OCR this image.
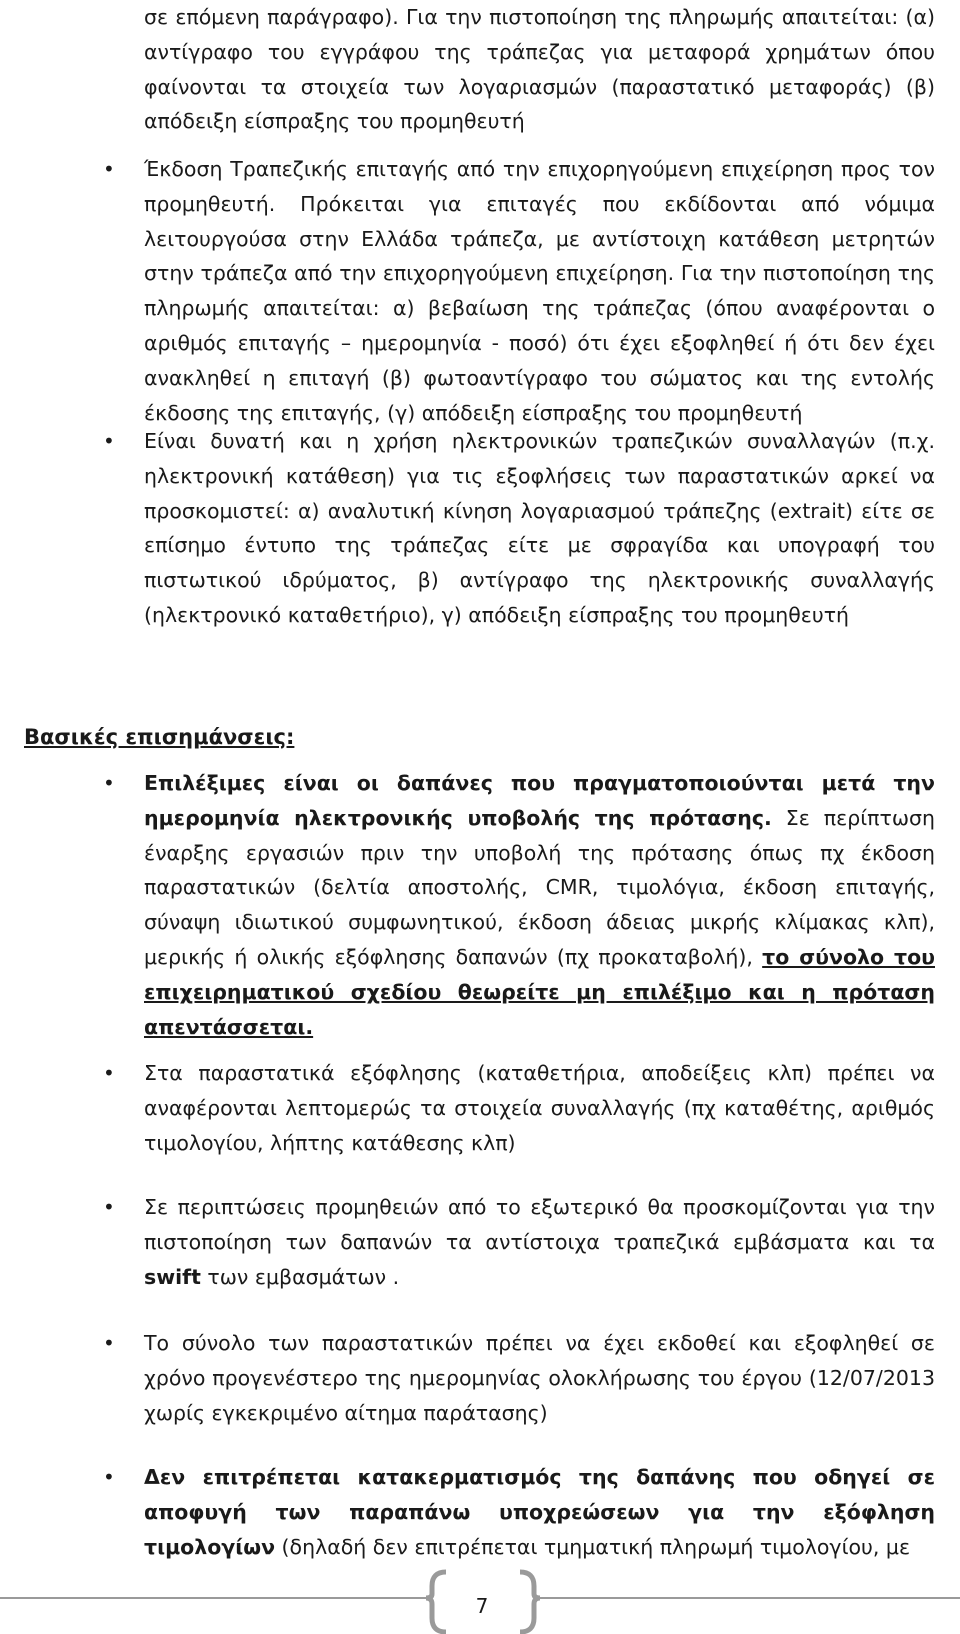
σε επόμενη παράγραφο). Για την πιστοποίηση της πληρωμής απαιτείται: (α) αντίγραφο του εγγράφου της τράπεζας για μεταφορά χρημάτων όπου φαίνονται τα στοιχεία των λογαριασμών (παραστατικό μεταφοράς) (β) απόδειξη είσπραξης του προμηθευτή

• Έκδοση Τραπεζικής επιταγής από την επιχορηγούμενη επιχείρηση προς τον προμηθευτή. Πρόκειται για επιταγές που εκδίδονται από νόμιμα λειτουργούσα στην Ελλάδα τράπεζα, με αντίστοιχη κατάθεση μετρητών στην τράπεζα από την επιχορηγούμενη επιχείρηση. Για την πιστοποίηση της πληρωμής απαιτείται: α) βεβαίωση της τράπεζας (όπου αναφέρονται ο αριθμός επιταγής – ημερομηνία - ποσό) ότι έχει εξοφληθεί ή ότι δεν έχει ανακληθεί η επιταγή (β) φωτοαντίγραφο του σώματος και της εντολής έκδοσης της επιταγής, (γ) απόδειξη είσπραξης του προμηθευτή

• Είναι δυνατή και η χρήση ηλεκτρονικών τραπεζικών συναλλαγών (π.χ. ηλεκτρονική κατάθεση) για τις εξοφλήσεις των παραστατικών αρκεί να προσκομιστεί: α) αναλυτική κίνηση λογαριασμού τράπεζης (extrait) είτε σε επίσημο έντυπο της τράπεζας είτε με σφραγίδα και υπογραφή του πιστωτικού ιδρύματος, β) αντίγραφο της ηλεκτρονικής συναλλαγής (ηλεκτρονικό καταθετήριο), γ) απόδειξη είσπραξης του προμηθευτή

Βασικές επισημάνσεις:
• Επιλέξιμες είναι οι δαπάνες που πραγματοποιούνται μετά την ημερομηνία ηλεκτρονικής υποβολής της πρότασης. Σε περίπτωση έναρξης εργασιών πριν την υποβολή της πρότασης όπως πχ έκδοση παραστατικών (δελτία αποστολής, CMR, τιμολόγια, έκδοση επιταγής, σύναψη ιδιωτικού συμφωνητικού, έκδοση άδειας μικρής κλίμακας κλπ), μερικής ή ολικής εξόφλησης δαπανών (πχ προκαταβολή), το σύνολο του επιχειρηματικού σχεδίου θεωρείτε μη επιλέξιμο και η πρόταση απεντάσσεται.

• Στα παραστατικά εξόφλησης (καταθετήρια, αποδείξεις κλπ) πρέπει να αναφέρονται λεπτομερώς τα στοιχεία συναλλαγής (πχ καταθέτης, αριθμός τιμολογίου, λήπτης κατάθεσης κλπ)

• Σε περιπτώσεις προμηθειών από το εξωτερικό θα προσκομίζονται για την πιστοποίηση των δαπανών τα αντίστοιχα τραπεζικά εμβάσματα και τα swift των εμβασμάτων .

• Το σύνολο των παραστατικών πρέπει να έχει εκδοθεί και εξοφληθεί σε χρόνο προγενέστερο της ημερομηνίας ολοκλήρωσης του έργου (12/07/2013 χωρίς εγκεκριμένο αίτημα παράτασης)

• Δεν επιτρέπεται κατακερματισμός της δαπάνης που οδηγεί σε αποφυγή των παραπάνω υποχρεώσεων για την εξόφληση τιμολογίων (δηλαδή δεν επιτρέπεται τμηματική πληρωμή τιμολογίου, με

7
